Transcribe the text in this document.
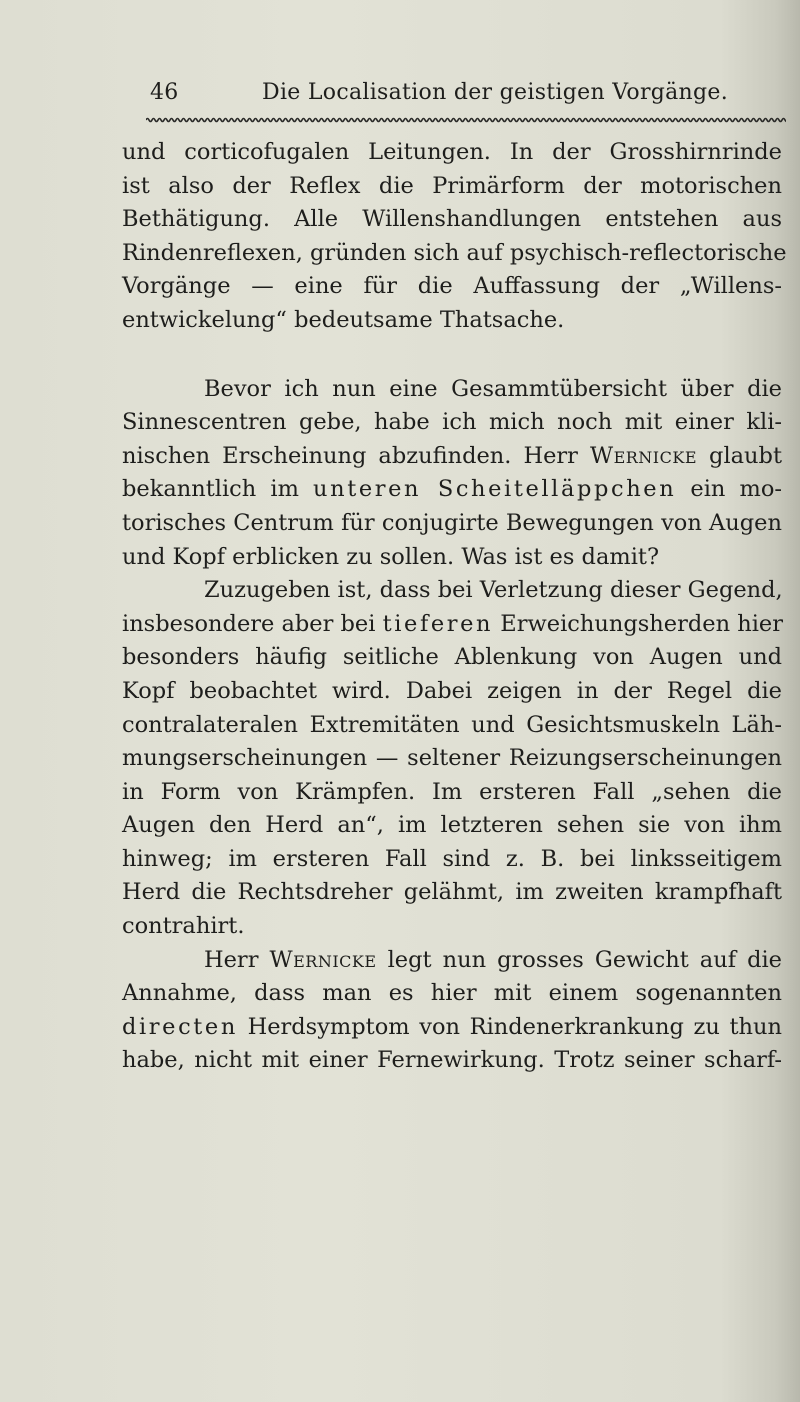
46	Die Localisation der geistigen Vorgänge.

und corticofugalen Leitungen. In der Grosshirnrinde
ist also der Reflex die Primärform der motorischen
Bethätigung. Alle Willenshandlungen entstehen aus
Rindenreflexen, gründen sich auf psychisch-reflectorische
Vorgänge — eine für die Auffassung der „Willens-
entwickelung“ bedeutsame Thatsache.

Bevor ich nun eine Gesammtübersicht über die
Sinnescentren gebe, habe ich mich noch mit einer kli-
nischen Erscheinung abzufinden. Herr Wernicke glaubt
bekanntlich im unteren Scheitelläppchen ein mo-
torisches Centrum für conjugirte Bewegungen von Augen
und Kopf erblicken zu sollen. Was ist es damit?

Zuzugeben ist, dass bei Verletzung dieser Gegend,
insbesondere aber bei tieferen Erweichungsherden hier
besonders häufig seitliche Ablenkung von Augen und
Kopf beobachtet wird. Dabei zeigen in der Regel die
contralateralen Extremitäten und Gesichtsmuskeln Läh-
mungserscheinungen — seltener Reizungserscheinungen
in Form von Krämpfen. Im ersteren Fall „sehen die
Augen den Herd an“, im letzteren sehen sie von ihm
hinweg; im ersteren Fall sind z. B. bei linksseitigem
Herd die Rechtsdreher gelähmt, im zweiten krampfhaft
contrahirt.

Herr Wernicke legt nun grosses Gewicht auf die
Annahme, dass man es hier mit einem sogenannten
directen Herdsymptom von Rindenerkrankung zu thun
habe, nicht mit einer Fernewirkung. Trotz seiner scharf-
